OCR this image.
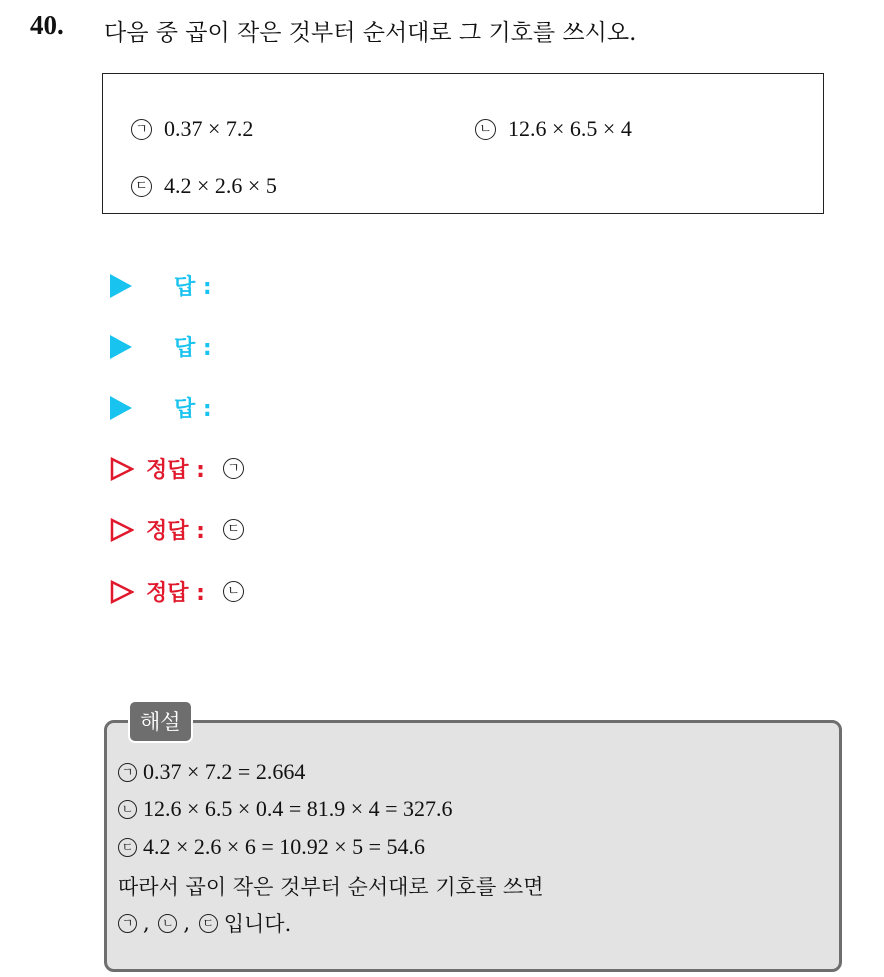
40. 다음 중 곱이 작은 것부터 순서대로 그 기호를 쓰시오.
ㄱ 0.37 × 7.2	ㄴ 12.6 × 6.5 × 4
ㄷ 4.2 × 2.6 × 5
답 :
답 :
답 :
정답 :	ㄱ
정답 :	ㄷ
정답 :	ㄴ
해설
ㄱ 0.37 × 7.2 = 2.664
ㄴ 12.6 × 6.5 × 0.4 = 81.9 × 4 = 327.6
ㄷ 4.2 × 2.6 × 6 = 10.92 × 5 = 54.6
따라서 곱이 작은 것부터 순서대로 기호를 쓰면
ㄱ , ㄴ , ㄷ 입니다.
